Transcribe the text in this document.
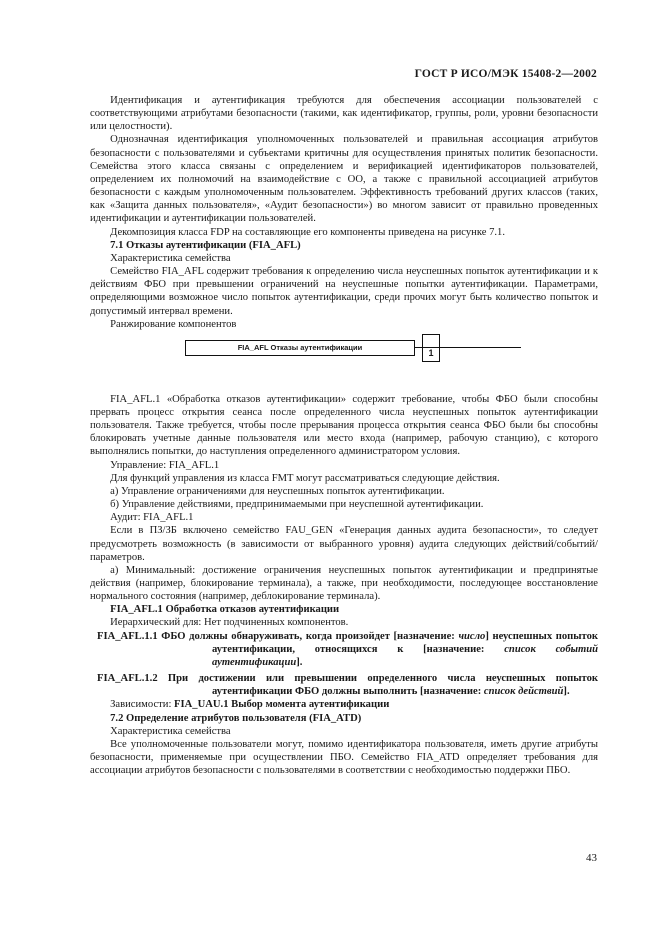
ГОСТ Р ИСО/МЭК 15408-2—2002

Идентификация и аутентификация требуются для обеспечения ассоциации пользователей с соответствующими атрибутами безопасности (такими, как идентификатор, группы, роли, уровни безопасности или целостности).

Однозначная идентификация уполномоченных пользователей и правильная ассоциация атрибутов безопасности с пользователями и субъектами критичны для осуществления принятых политик безопасности. Семейства этого класса связаны с определением и верификацией идентификаторов пользователей, определением их полномочий на взаимодействие с ОО, а также с правильной ассоциацией атрибутов безопасности с каждым уполномоченным пользователем. Эффективность требований других классов (таких, как «Защита данных пользователя», «Аудит безопасности») во многом зависит от правильно проведенных идентификации и аутентификации пользователей.

Декомпозиция класса FDP на составляющие его компоненты приведена на рисунке 7.1.

7.1 Отказы аутентификации (FIA_AFL)

Характеристика семейства

Семейство FIA_AFL содержит требования к определению числа неуспешных попыток аутентификации и к действиям ФБО при превышении ограничений на неуспешные попытки аутентификации. Параметрами, определяющими возможное число попыток аутентификации, среди прочих могут быть количество попыток и допустимый интервал времени.

Ранжирование компонентов

FIA_AFL Отказы аутентификации
1

FIA_AFL.1 «Обработка отказов аутентификации» содержит требование, чтобы ФБО были способны прервать процесс открытия сеанса после определенного числа неуспешных попыток аутентификации пользователя. Также требуется, чтобы после прерывания процесса открытия сеанса ФБО были бы способны блокировать учетные данные пользователя или место входа (например, рабочую станцию), с которого выполнялись попытки, до наступления определенного администратором условия.

Управление: FIA_AFL.1

Для функций управления из класса FMT могут рассматриваться следующие действия.

а) Управление ограничениями для неуспешных попыток аутентификации.

б) Управление действиями, предпринимаемыми при неуспешной аутентификации.

Аудит: FIA_AFL.1

Если в ПЗ/ЗБ включено семейство FAU_GEN «Генерация данных аудита безопасности», то следует предусмотреть возможность (в зависимости от выбранного уровня) аудита следующих действий/событий/параметров.

а) Минимальный: достижение ограничения неуспешных попыток аутентификации и предпринятые действия (например, блокирование терминала), а также, при необходимости, последующее восстановление нормального состояния (например, деблокирование терминала).

FIA_AFL.1 Обработка отказов аутентификации

Иерархический для: Нет подчиненных компонентов.

FIA_AFL.1.1 ФБО должны обнаруживать, когда произойдет [назначение: число] неуспешных попыток аутентификации, относящихся к [назначение: список событий аутентификации].

FIA_AFL.1.2 При достижении или превышении определенного числа неуспешных попыток аутентификации ФБО должны выполнить [назначение: список действий].

Зависимости: FIA_UAU.1 Выбор момента аутентификации

7.2 Определение атрибутов пользователя (FIA_ATD)

Характеристика семейства

Все уполномоченные пользователи могут, помимо идентификатора пользователя, иметь другие атрибуты безопасности, применяемые при осуществлении ПБО. Семейство FIA_ATD определяет требования для ассоциации атрибутов безопасности с пользователями в соответствии с необходимостью поддержки ПБО.

43
